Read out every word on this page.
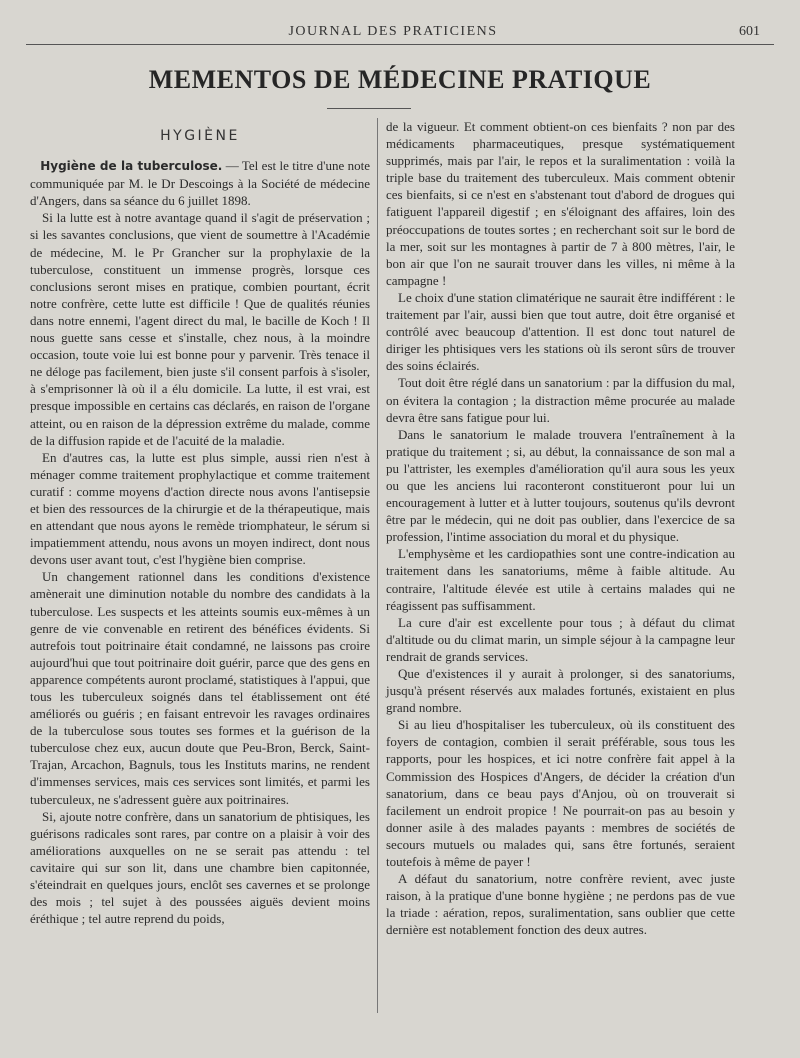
JOURNAL DES PRATICIENS	601
MEMENTOS DE MÉDECINE PRATIQUE
HYGIÈNE

Hygiène de la tuberculose. — Tel est le titre d'une note communiquée par M. le Dr Descoings à la Société de médecine d'Angers, dans sa séance du 6 juillet 1898.

Si la lutte est à notre avantage quand il s'agit de préservation ; si les savantes conclusions, que vient de soumettre à l'Académie de médecine, M. le Pr Grancher sur la prophylaxie de la tuberculose, constituent un immense progrès, lorsque ces conclusions seront mises en pratique, combien pourtant, écrit notre confrère, cette lutte est difficile ! Que de qualités réunies dans notre ennemi, l'agent direct du mal, le bacille de Koch ! Il nous guette sans cesse et s'installe, chez nous, à la moindre occasion, toute voie lui est bonne pour y parvenir. Très tenace il ne déloge pas facilement, bien juste s'il consent parfois à s'isoler, à s'emprisonner là où il a élu domicile. La lutte, il est vrai, est presque impossible en certains cas déclarés, en raison de l'organe atteint, ou en raison de la dépression extrême du malade, comme de la diffusion rapide et de l'acuité de la maladie.

En d'autres cas, la lutte est plus simple, aussi rien n'est à ménager comme traitement prophylactique et comme traitement curatif : comme moyens d'action directe nous avons l'antisepsie et bien des ressources de la chirurgie et de la thérapeutique, mais en attendant que nous ayons le remède triomphateur, le sérum si impatiemment attendu, nous avons un moyen indirect, dont nous devons user avant tout, c'est l'hygiène bien comprise.

Un changement rationnel dans les conditions d'existence amènerait une diminution notable du nombre des candidats à la tuberculose. Les suspects et les atteints soumis eux-mêmes à un genre de vie convenable en retirent des bénéfices évidents. Si autrefois tout poitrinaire était condamné, ne laissons pas croire aujourd'hui que tout poitrinaire doit guérir, parce que des gens en apparence compétents auront proclamé, statistiques à l'appui, que tous les tuberculeux soignés dans tel établissement ont été améliorés ou guéris ; en faisant entrevoir les ravages ordinaires de la tuberculose sous toutes ses formes et la guérison de la tuberculose chez eux, aucun doute que Peu-Bron, Berck, Saint-Trajan, Arcachon, Bagnuls, tous les Instituts marins, ne rendent d'immenses services, mais ces services sont limités, et parmi les tuberculeux, ne s'adressent guère aux poitrinaires.

Si, ajoute notre confrère, dans un sanatorium de phtisiques, les guérisons radicales sont rares, par contre on a plaisir à voir des améliorations auxquelles on ne se serait pas attendu : tel cavitaire qui sur son lit, dans une chambre bien capitonnée, s'éteindrait en quelques jours, enclôt ses cavernes et se prolonge des mois ; tel sujet à des poussées aiguës devient moins éréthique ; tel autre reprend du poids,

de la vigueur. Et comment obtient-on ces bienfaits ? non par des médicaments pharmaceutiques, presque systématiquement supprimés, mais par l'air, le repos et la suralimentation : voilà la triple base du traitement des tuberculeux. Mais comment obtenir ces bienfaits, si ce n'est en s'abstenant tout d'abord de drogues qui fatiguent l'appareil digestif ; en s'éloignant des affaires, loin des préoccupations de toutes sortes ; en recherchant soit sur le bord de la mer, soit sur les montagnes à partir de 7 à 800 mètres, l'air, le bon air que l'on ne saurait trouver dans les villes, ni même à la campagne !

Le choix d'une station climatérique ne saurait être indifférent : le traitement par l'air, aussi bien que tout autre, doit être organisé et contrôlé avec beaucoup d'attention. Il est donc tout naturel de diriger les phtisiques vers les stations où ils seront sûrs de trouver des soins éclairés.

Tout doit être réglé dans un sanatorium : par la diffusion du mal, on évitera la contagion ; la distraction même procurée au malade devra être sans fatigue pour lui.

Dans le sanatorium le malade trouvera l'entraînement à la pratique du traitement ; si, au début, la connaissance de son mal a pu l'attrister, les exemples d'amélioration qu'il aura sous les yeux ou que les anciens lui raconteront constitueront pour lui un encouragement à lutter et à lutter toujours, soutenus qu'ils devront être par le médecin, qui ne doit pas oublier, dans l'exercice de sa profession, l'intime association du moral et du physique.

L'emphysème et les cardiopathies sont une contre-indication au traitement dans les sanatoriums, même à faible altitude. Au contraire, l'altitude élevée est utile à certains malades qui ne réagissent pas suffisamment.

La cure d'air est excellente pour tous ; à défaut du climat d'altitude ou du climat marin, un simple séjour à la campagne leur rendrait de grands services.

Que d'existences il y aurait à prolonger, si des sanatoriums, jusqu'à présent réservés aux malades fortunés, existaient en plus grand nombre.

Si au lieu d'hospitaliser les tuberculeux, où ils constituent des foyers de contagion, combien il serait préférable, sous tous les rapports, pour les hospices, et ici notre confrère fait appel à la Commission des Hospices d'Angers, de décider la création d'un sanatorium, dans ce beau pays d'Anjou, où on trouverait si facilement un endroit propice ! Ne pourrait-on pas au besoin y donner asile à des malades payants : membres de sociétés de secours mutuels ou malades qui, sans être fortunés, seraient toutefois à même de payer !

A défaut du sanatorium, notre confrère revient, avec juste raison, à la pratique d'une bonne hygiène ; ne perdons pas de vue la triade : aération, repos, suralimentation, sans oublier que cette dernière est notablement fonction des deux autres.
